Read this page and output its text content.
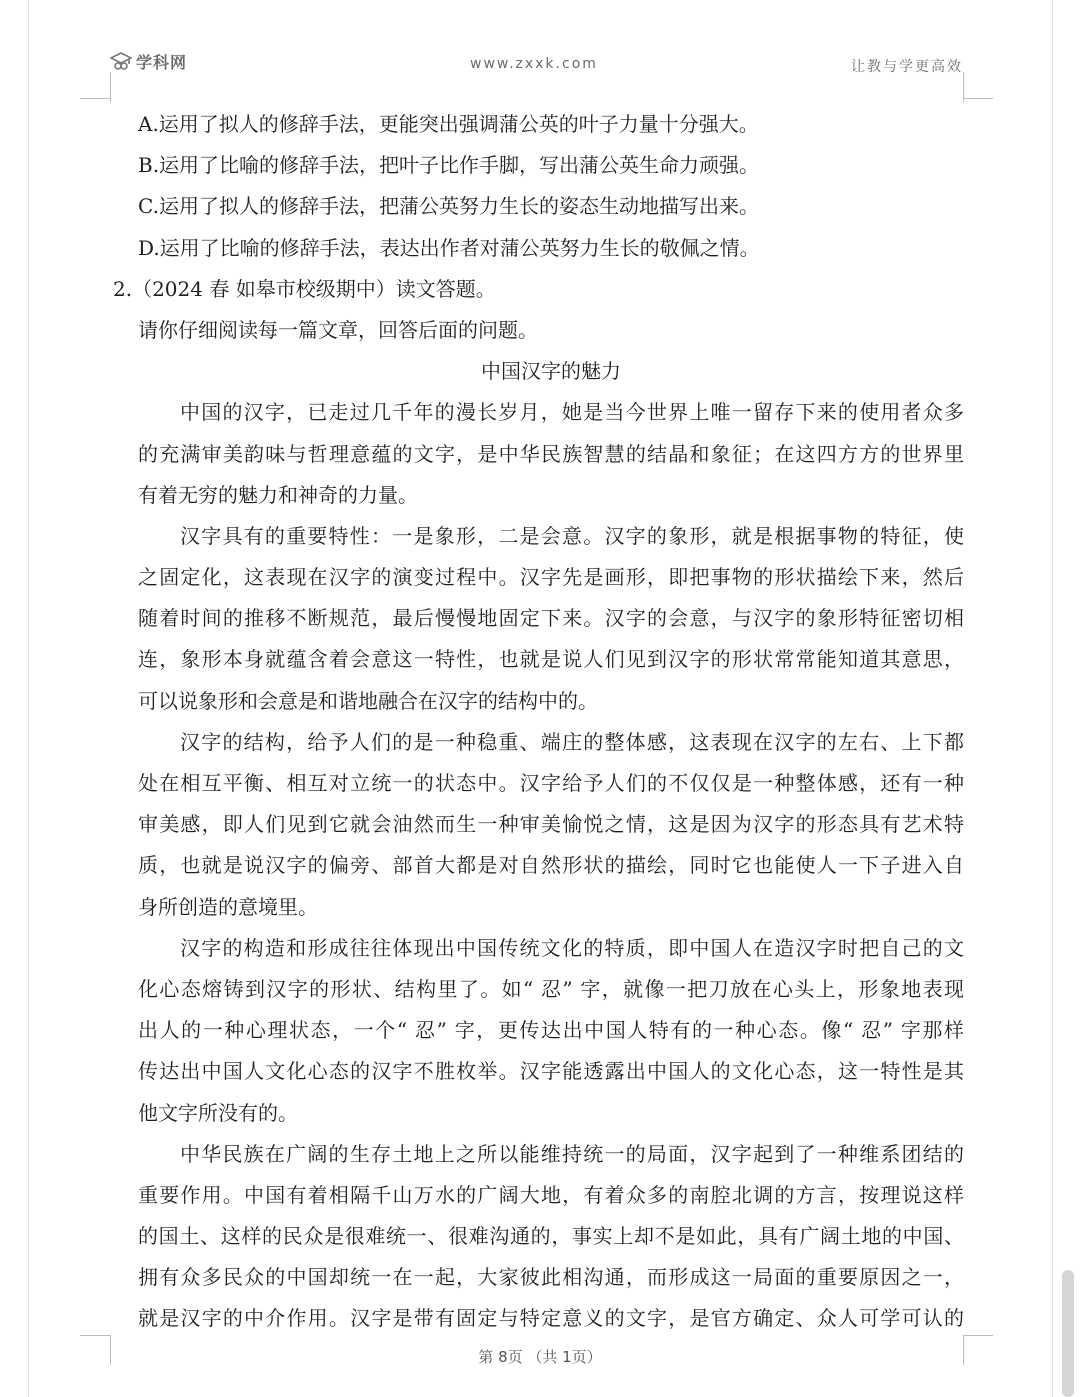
学科网	www.zxxk.com	让教与学更高效
A.运用了拟人的修辞手法，更能突出强调蒲公英的叶子力量十分强大。
B.运用了比喻的修辞手法，把叶子比作手脚，写出蒲公英生命力顽强。
C.运用了拟人的修辞手法，把蒲公英努力生长的姿态生动地描写出来。
D.运用了比喻的修辞手法，表达出作者对蒲公英努力生长的敬佩之情。
2.（2024 春 如皋市校级期中）读文答题。
请你仔细阅读每一篇文章，回答后面的问题。
中国汉字的魅力
中国的汉字，已走过几千年的漫长岁月，她是当今世界上唯一留存下来的使用者众多
的充满审美韵味与哲理意蕴的文字，是中华民族智慧的结晶和象征；在这四方方的世界里
有着无穷的魅力和神奇的力量。
汉字具有的重要特性：一是象形，二是会意。汉字的象形，就是根据事物的特征，使
之固定化，这表现在汉字的演变过程中。汉字先是画形，即把事物的形状描绘下来，然后
随着时间的推移不断规范，最后慢慢地固定下来。汉字的会意，与汉字的象形特征密切相
连，象形本身就蕴含着会意这一特性，也就是说人们见到汉字的形状常常能知道其意思，
可以说象形和会意是和谐地融合在汉字的结构中的。
汉字的结构，给予人们的是一种稳重、端庄的整体感，这表现在汉字的左右、上下都
处在相互平衡、相互对立统一的状态中。汉字给予人们的不仅仅是一种整体感，还有一种
审美感，即人们见到它就会油然而生一种审美愉悦之情，这是因为汉字的形态具有艺术特
质，也就是说汉字的偏旁、部首大都是对自然形状的描绘，同时它也能使人一下子进入自
身所创造的意境里。
汉字的构造和形成往往体现出中国传统文化的特质，即中国人在造汉字时把自己的文
化心态熔铸到汉字的形状、结构里了。如“ 忍” 字，就像一把刀放在心头上，形象地表现
出人的一种心理状态，一个“ 忍” 字，更传达出中国人特有的一种心态。像“ 忍” 字那样
传达出中国人文化心态的汉字不胜枚举。汉字能透露出中国人的文化心态，这一特性是其
他文字所没有的。
中华民族在广阔的生存土地上之所以能维持统一的局面，汉字起到了一种维系团结的
重要作用。中国有着相隔千山万水的广阔大地，有着众多的南腔北调的方言，按理说这样
的国土、这样的民众是很难统一、很难沟通的，事实上却不是如此，具有广阔土地的中国、
拥有众多民众的中国却统一在一起，大家彼此相沟通，而形成这一局面的重要原因之一，
就是汉字的中介作用。汉字是带有固定与特定意义的文字，是官方确定、众人可学可认的
第 8页 （共 1页）
